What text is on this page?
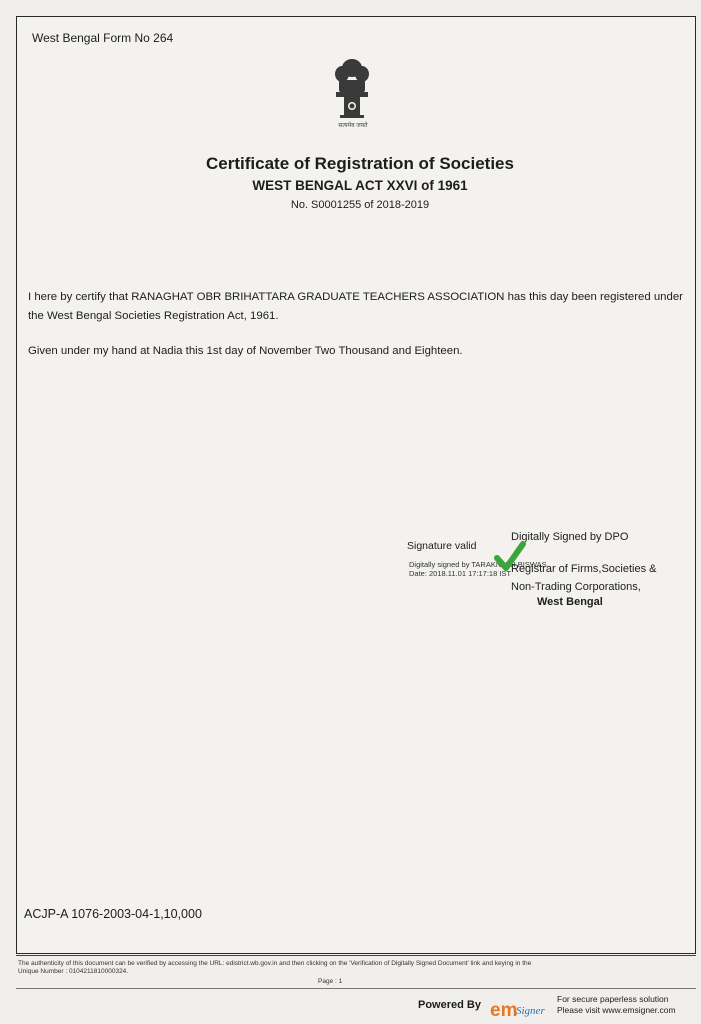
West Bengal Form No 264
सत्यमेव जयते
Certificate of Registration of Societies
WEST BENGAL ACT XXVI of 1961
No. S0001255 of 2018-2019
I here by certify that RANAGHAT OBR BRIHATTARA GRADUATE TEACHERS ASSOCIATION has this day been registered under the West Bengal Societies Registration Act, 1961.
Given under my hand at Nadia this 1st day of November Two Thousand and Eighteen.
Digitally Signed by DPO
Signature valid
Digitally signed by TARAKNATH BISWAS
Date: 2018.11.01 17:17:18 IST Registrar of Firms,Societies &
Non-Trading Corporations,
West Bengal
ACJP-A 1076-2003-04-1,10,000
The authenticity of this document can be verified by accessing the URL: edistrict.wb.gov.in and then clicking on the 'Verification of Digitally Signed Document' link and keying in the
Unique Number : 0104211810000324.
Page : 1
Powered By em
Signer
For secure paperless solution
Please visit www.emsigner.com
